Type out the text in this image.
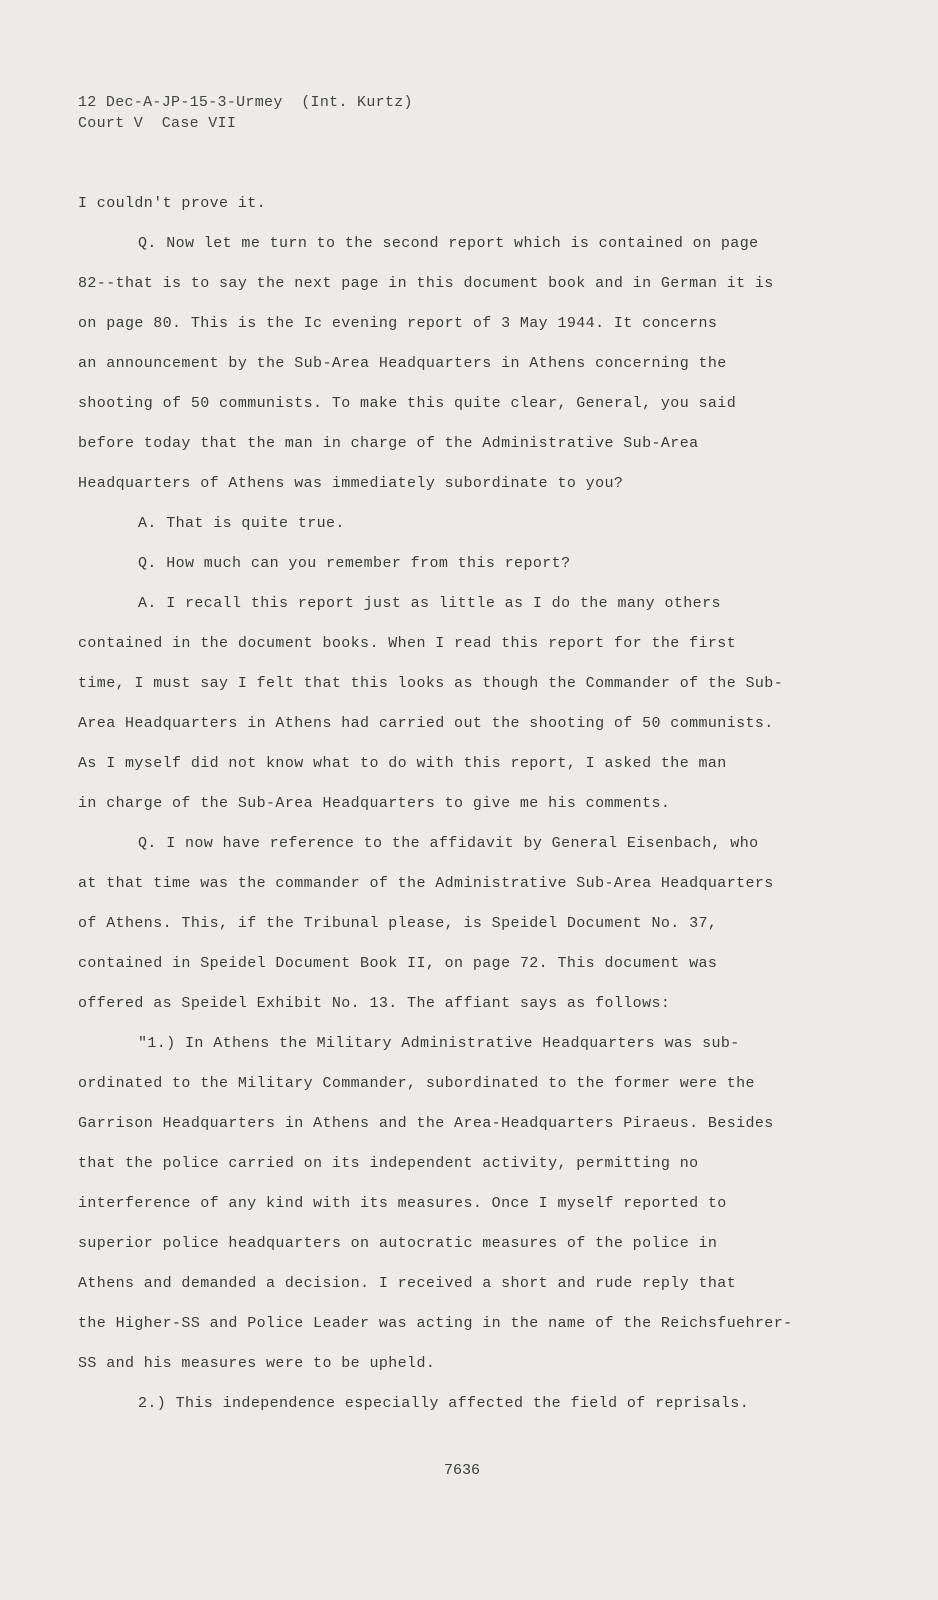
12 Dec-A-JP-15-3-Urmey  (Int. Kurtz)
Court V  Case VII
I couldn't prove it.
Q. Now let me turn to the second report which is contained on page
82--that is to say the next page in this document book and in German it is
on page 80. This is the Ic evening report of 3 May 1944. It concerns
an announcement by the Sub-Area Headquarters in Athens concerning the
shooting of 50 communists. To make this quite clear, General, you said
before today that the man in charge of the Administrative Sub-Area
Headquarters of Athens was immediately subordinate to you?
A. That is quite true.
Q. How much can you remember from this report?
A. I recall this report just as little as I do the many others
contained in the document books. When I read this report for the first
time, I must say I felt that this looks as though the Commander of the Sub-
Area Headquarters in Athens had carried out the shooting of 50 communists.
As I myself did not know what to do with this report, I asked the man
in charge of the Sub-Area Headquarters to give me his comments.
Q. I now have reference to the affidavit by General Eisenbach, who
at that time was the commander of the Administrative Sub-Area Headquarters
of Athens. This, if the Tribunal please, is Speidel Document No. 37,
contained in Speidel Document Book II, on page 72. This document was
offered as Speidel Exhibit No. 13. The affiant says as follows:
"1.) In Athens the Military Administrative Headquarters was sub-
ordinated to the Military Commander, subordinated to the former were the
Garrison Headquarters in Athens and the Area-Headquarters Piraeus. Besides
that the police carried on its independent activity, permitting no
interference of any kind with its measures. Once I myself reported to
superior police headquarters on autocratic measures of the police in
Athens and demanded a decision. I received a short and rude reply that
the Higher-SS and Police Leader was acting in the name of the Reichsfuehrer-
SS and his measures were to be upheld.
2.) This independence especially affected the field of reprisals.
7636
